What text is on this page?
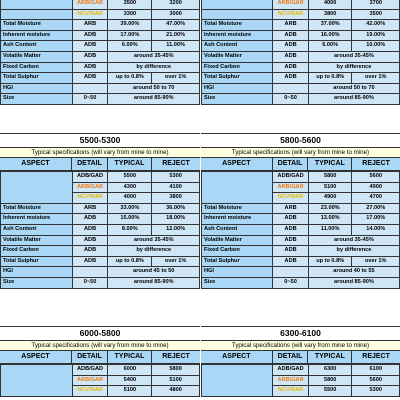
	ARB/GAR	3500	3200
	NCV/NAR	3300	3000
Total Moisture	ARB	39.00%	47.00%
Inherent moisture	ADB	17.00%	21.00%
Ash Content	ADB	6.00%	11.00%
Volatile Matter	ADB	around 35-45%	
Fixed Carbon	ADB	by difference	
Total Sulphur	ADB	up to 0.8%	over 1%
HGI		around 50 to 70	
Size	0~50	around 85-90%	
	ARB/GAR	4000	3700
	NCV/NAR	3800	3500
Total Moisture	ARB	37.00%	42.00%
Inherent moisture	ADB	16.00%	19.00%
Ash Content	ADB	6.00%	10.00%
Volatile Matter	ADB	around 35-45%	
Fixed Carbon	ADB	by difference	
Total Sulphur	ADB	up to 0.8%	over 1%
HGI		around 50 to 70	
Size	0~50	around 85-90%	
5500-5300
Typical specifications (will vary from mine to mine)
ASPECT	DETAIL	TYPICAL	REJECT
	ADB/GAD	5500	5300
	ARB/GAR	4300	4100
	NCV/NAR	4000	3800
Total Moisture	ARB	33.00%	36.00%
Inherent moisture	ADB	15.00%	18.00%
Ash Content	ADB	8.00%	12.00%
Volatile Matter	ADB	around 35-45%	
Fixed Carbon	ADB	by difference	
Total Sulphur	ADB	up to 0.8%	over 1%
HGI		around 45 to 50	
Size	0~50	around 85-90%	
5800-5600
Typical specifications (will vary from mine to mine)
ASPECT	DETAIL	TYPICAL	REJECT
	ADB/GAD	5800	5600
	ARB/GAR	5100	4900
	NCV/NAR	4900	4700
Total Moisture	ARB	23.00%	27.00%
Inherent moisture	ADB	13.00%	17.00%
Ash Content	ADB	11.00%	14.00%
Volatile Matter	ADB	around 35-45%	
Fixed Carbon	ADB	by difference	
Total Sulphur	ADB	up to 0.8%	over 1%
HGI		around 40 to 55	
Size	0~50	around 85-90%	
6000-5800
Typical specifications (will vary from mine to mine)
ASPECT	DETAIL	TYPICAL	REJECT
	ADB/GAD	6000	5800
	ARB/GAR	5400	5100
	NCV/NAR	5100	4800
6300-6100
Typical specifications (will vary from mine to mine)
ASPECT	DETAIL	TYPICAL	REJECT
	ADB/GAD	6300	6100
	ARB/GAR	5800	5600
	NCV/NAR	5500	5300
